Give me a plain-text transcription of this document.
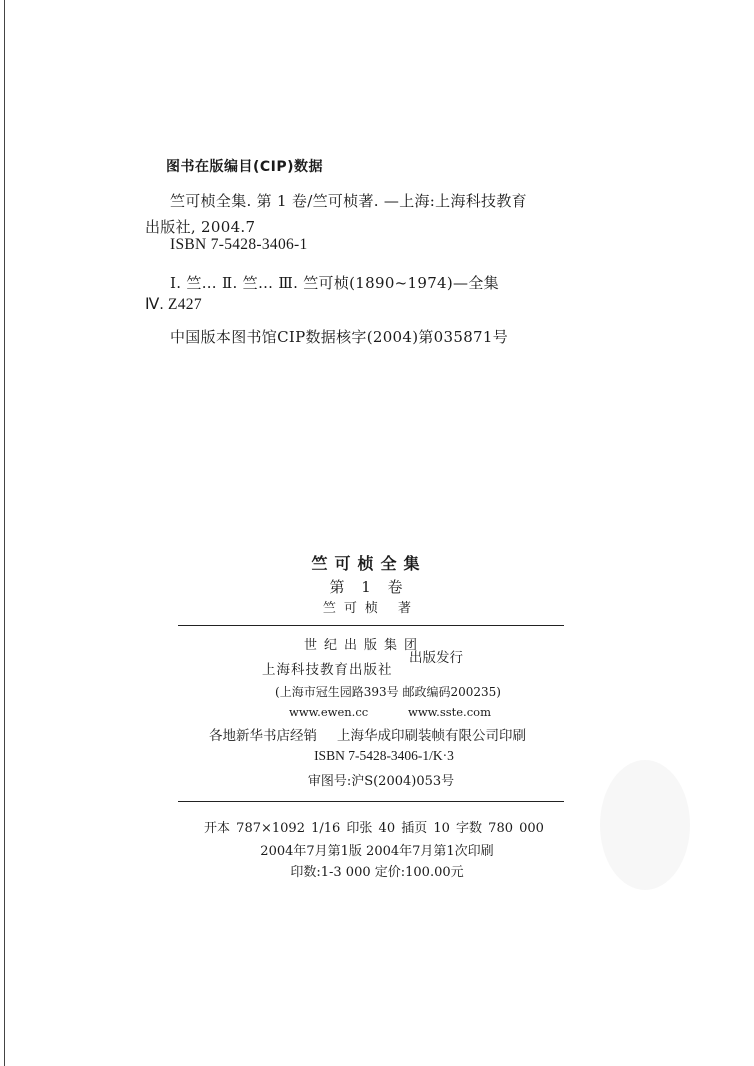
图书在版编目(CIP)数据
竺可桢全集. 第 1 卷/竺可桢著. —上海:上海科技教育
出版社, 2004.7
ISBN 7-5428-3406-1
Ⅰ. 竺… Ⅱ. 竺… Ⅲ. 竺可桢(1890~1974)—全集
Ⅳ. Z427
中国版本图书馆CIP数据核字(2004)第035871号
竺可桢全集
第 1 卷
竺可桢 著
世纪出版集团
上海科技教育出版社
出版发行
(上海市冠生园路393号 邮政编码200235)
www.ewen.cc	www.sste.com
各地新华书店经销 上海华成印刷装帧有限公司印刷
ISBN 7-5428-3406-1/K·3
审图号:沪S(2004)053号
开本 787×1092 1/16 印张 40 插页 10 字数 780 000
2004年7月第1版 2004年7月第1次印刷
印数:1-3 000 定价:100.00元
